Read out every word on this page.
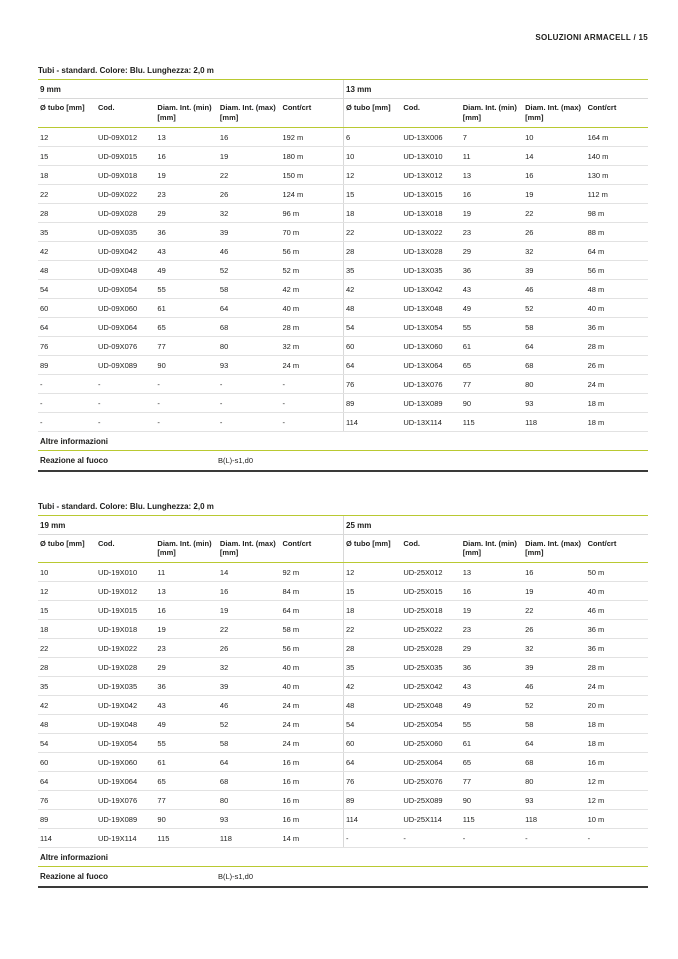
SOLUZIONI ARMACELL / 15
Tubi - standard. Colore: Blu. Lunghezza: 2,0 m
9 mm				
Ø tubo [mm]	Cod.	Diam. Int. (min) [mm]	Diam. Int. (max) [mm]	Cont/crt
12	UD-09X012	13	16	192 m
15	UD-09X015	16	19	180 m
18	UD-09X018	19	22	150 m
22	UD-09X022	23	26	124 m
28	UD-09X028	29	32	96 m
35	UD-09X035	36	39	70 m
42	UD-09X042	43	46	56 m
48	UD-09X048	49	52	52 m
54	UD-09X054	55	58	42 m
60	UD-09X060	61	64	40 m
64	UD-09X064	65	68	28 m
76	UD-09X076	77	80	32 m
89	UD-09X089	90	93	24 m
-	-	-	-	-
-	-	-	-	-
-	-	-	-	-
13 mm				
Ø tubo [mm]	Cod.	Diam. Int. (min) [mm]	Diam. Int. (max) [mm]	Cont/crt
6	UD-13X006	7	10	164 m
10	UD-13X010	11	14	140 m
12	UD-13X012	13	16	130 m
15	UD-13X015	16	19	112 m
18	UD-13X018	19	22	98 m
22	UD-13X022	23	26	88 m
28	UD-13X028	29	32	64 m
35	UD-13X035	36	39	56 m
42	UD-13X042	43	46	48 m
48	UD-13X048	49	52	40 m
54	UD-13X054	55	58	36 m
60	UD-13X060	61	64	28 m
64	UD-13X064	65	68	26 m
76	UD-13X076	77	80	24 m
89	UD-13X089	90	93	18 m
114	UD-13X114	115	118	18 m
Altre informazioni
Reazione al fuoco	B(L)-s1,d0
Tubi - standard. Colore: Blu. Lunghezza: 2,0 m
19 mm				
Ø tubo [mm]	Cod.	Diam. Int. (min) [mm]	Diam. Int. (max) [mm]	Cont/crt
10	UD-19X010	11	14	92 m
12	UD-19X012	13	16	84 m
15	UD-19X015	16	19	64 m
18	UD-19X018	19	22	58 m
22	UD-19X022	23	26	56 m
28	UD-19X028	29	32	40 m
35	UD-19X035	36	39	40 m
42	UD-19X042	43	46	24 m
48	UD-19X048	49	52	24 m
54	UD-19X054	55	58	24 m
60	UD-19X060	61	64	16 m
64	UD-19X064	65	68	16 m
76	UD-19X076	77	80	16 m
89	UD-19X089	90	93	16 m
114	UD-19X114	115	118	14 m
25 mm				
Ø tubo [mm]	Cod.	Diam. Int. (min) [mm]	Diam. Int. (max) [mm]	Cont/crt
12	UD-25X012	13	16	50 m
15	UD-25X015	16	19	40 m
18	UD-25X018	19	22	46 m
22	UD-25X022	23	26	36 m
28	UD-25X028	29	32	36 m
35	UD-25X035	36	39	28 m
42	UD-25X042	43	46	24 m
48	UD-25X048	49	52	20 m
54	UD-25X054	55	58	18 m
60	UD-25X060	61	64	18 m
64	UD-25X064	65	68	16 m
76	UD-25X076	77	80	12 m
89	UD-25X089	90	93	12 m
114	UD-25X114	115	118	10 m
-	-	-	-	-
Altre informazioni
Reazione al fuoco	B(L)-s1,d0
